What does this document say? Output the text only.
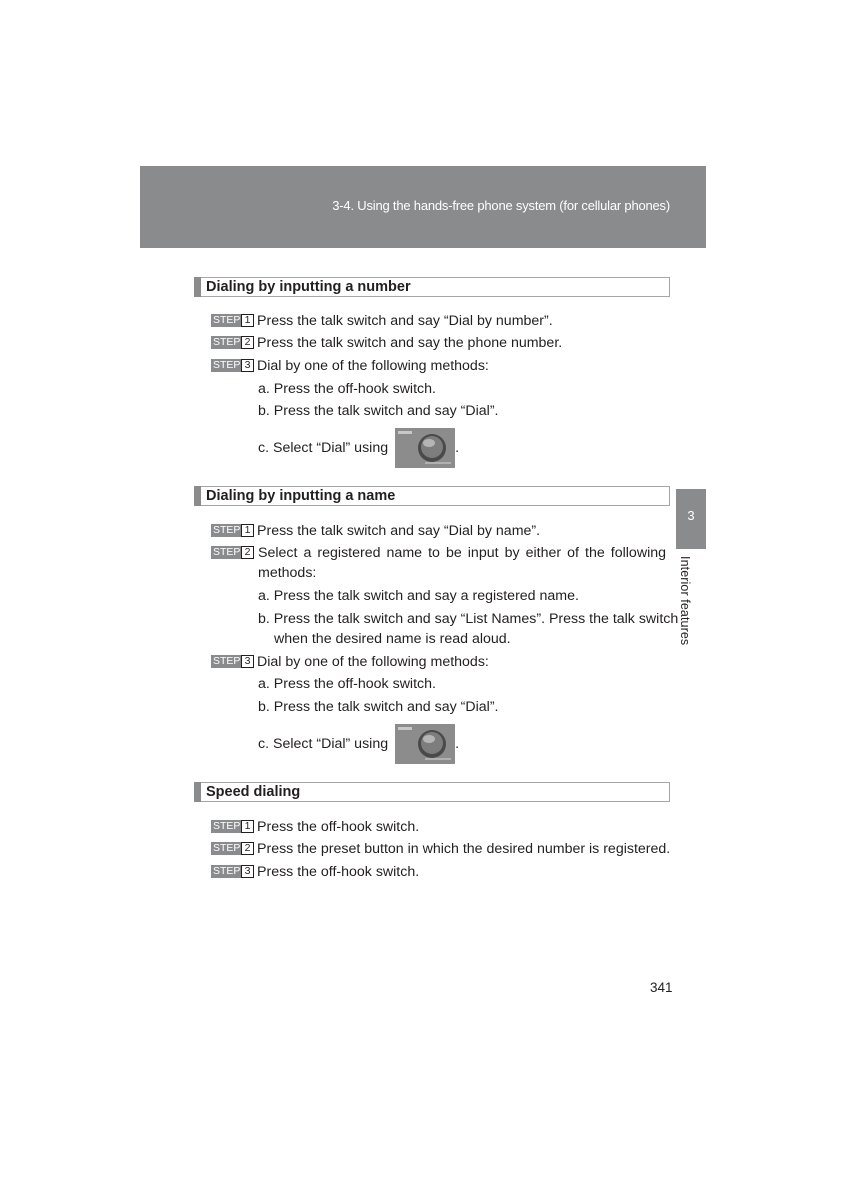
3-4. Using the hands-free phone system (for cellular phones)
3
Interior features
Dialing by inputting a number
STEP 1 Press the talk switch and say “Dial by number”.
STEP 2 Press the talk switch and say the phone number.
STEP 3 Dial by one of the following methods:
a. Press the off-hook switch.
b. Press the talk switch and say “Dial”.
c. Select “Dial” using	.
Dialing by inputting a name
STEP 1 Press the talk switch and say “Dial by name”.
STEP 2 Select a registered name to be input by either of the following methods:
a. Press the talk switch and say a registered name.
b. Press the talk switch and say “List Names”. Press the talk switch
when the desired name is read aloud.
STEP 3 Dial by one of the following methods:
a. Press the off-hook switch.
b. Press the talk switch and say “Dial”.
c. Select “Dial” using	.
Speed dialing
STEP 1 Press the off-hook switch.
STEP 2 Press the preset button in which the desired number is registered.
STEP 3 Press the off-hook switch.
341
